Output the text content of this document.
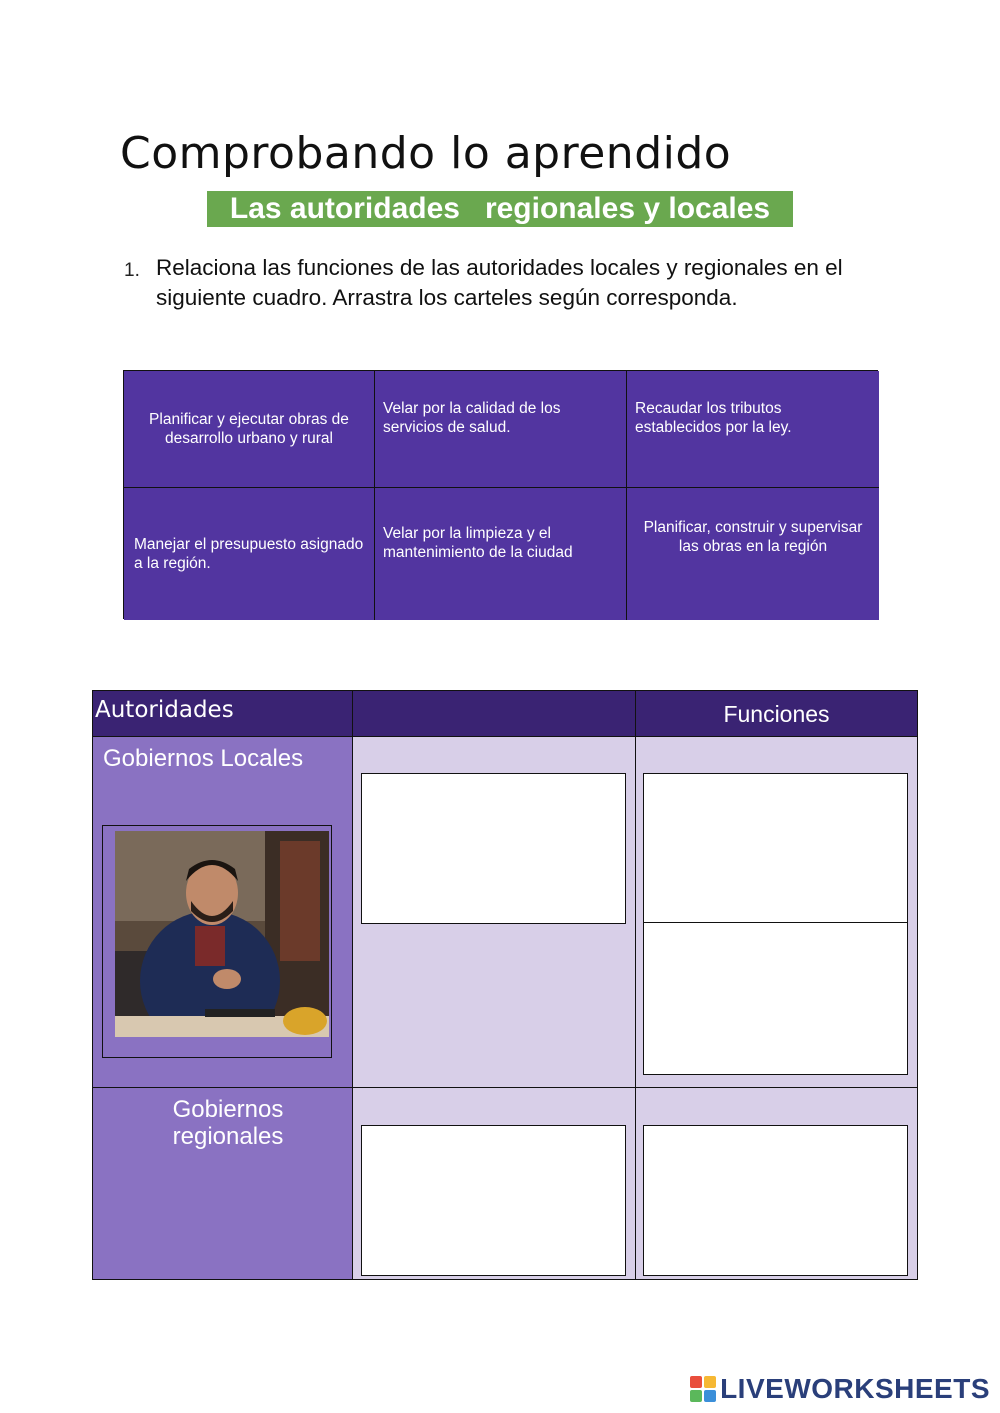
Comprobando lo aprendido
Las autoridades   regionales y locales
1. Relaciona las funciones de las autoridades locales y regionales en el siguiente cuadro. Arrastra los carteles según corresponda.
Planificar y ejecutar obras de desarrollo urbano y rural
Velar por la calidad de los servicios de salud.
Recaudar los tributos establecidos por la ley.
Manejar el presupuesto asignado a la región.
Velar por la limpieza y el mantenimiento de la ciudad
Planificar, construir y supervisar las obras en la región
Autoridades	Funciones
Gobiernos Locales
Gobiernos regionales
LIVEWORKSHEETS
